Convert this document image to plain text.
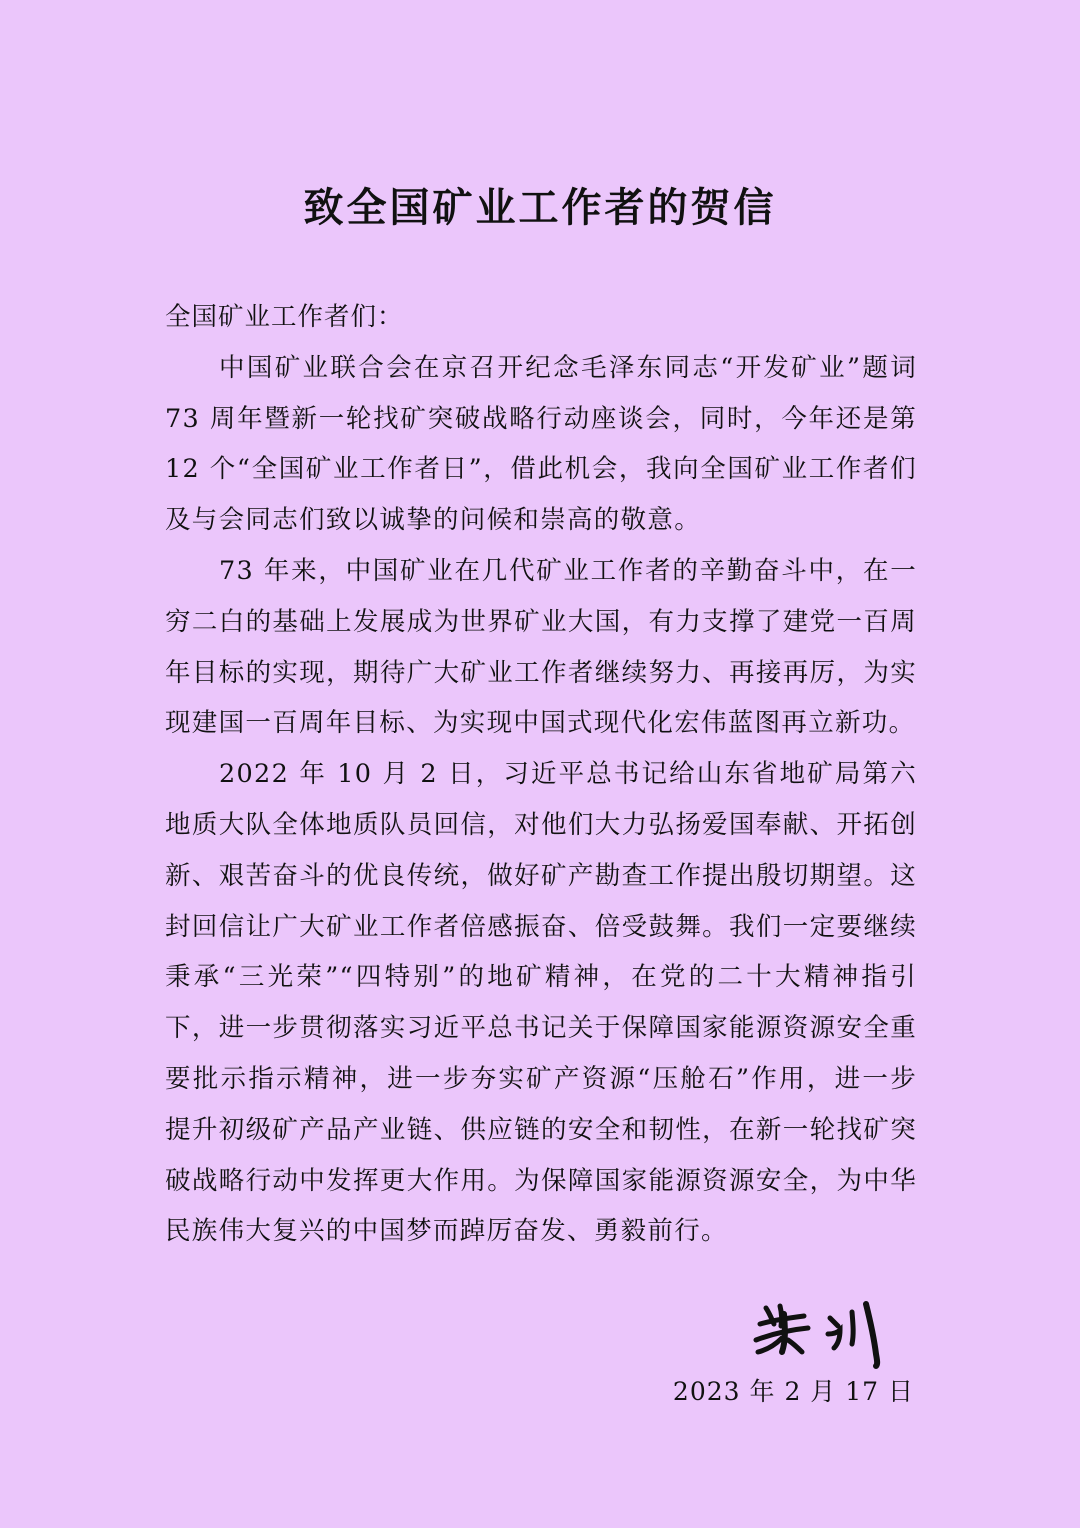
致全国矿业工作者的贺信

全国矿业工作者们：

中国矿业联合会在京召开纪念毛泽东同志“开发矿业”题词 73 周年暨新一轮找矿突破战略行动座谈会，同时，今年还是第 12 个“全国矿业工作者日”，借此机会，我向全国矿业工作者们及与会同志们致以诚挚的问候和崇高的敬意。

73 年来，中国矿业在几代矿业工作者的辛勤奋斗中，在一穷二白的基础上发展成为世界矿业大国，有力支撑了建党一百周年目标的实现，期待广大矿业工作者继续努力、再接再厉，为实现建国一百周年目标、为实现中国式现代化宏伟蓝图再立新功。

2022 年 10 月 2 日，习近平总书记给山东省地矿局第六地质大队全体地质队员回信，对他们大力弘扬爱国奉献、开拓创新、艰苦奋斗的优良传统，做好矿产勘查工作提出殷切期望。这封回信让广大矿业工作者倍感振奋、倍受鼓舞。我们一定要继续秉承“三光荣”“四特别”的地矿精神，在党的二十大精神指引下，进一步贯彻落实习近平总书记关于保障国家能源资源安全重要批示指示精神，进一步夯实矿产资源“压舱石”作用，进一步提升初级矿产品产业链、供应链的安全和韧性，在新一轮找矿突破战略行动中发挥更大作用。为保障国家能源资源安全，为中华民族伟大复兴的中国梦而踔厉奋发、勇毅前行。

2023 年 2 月 17 日
